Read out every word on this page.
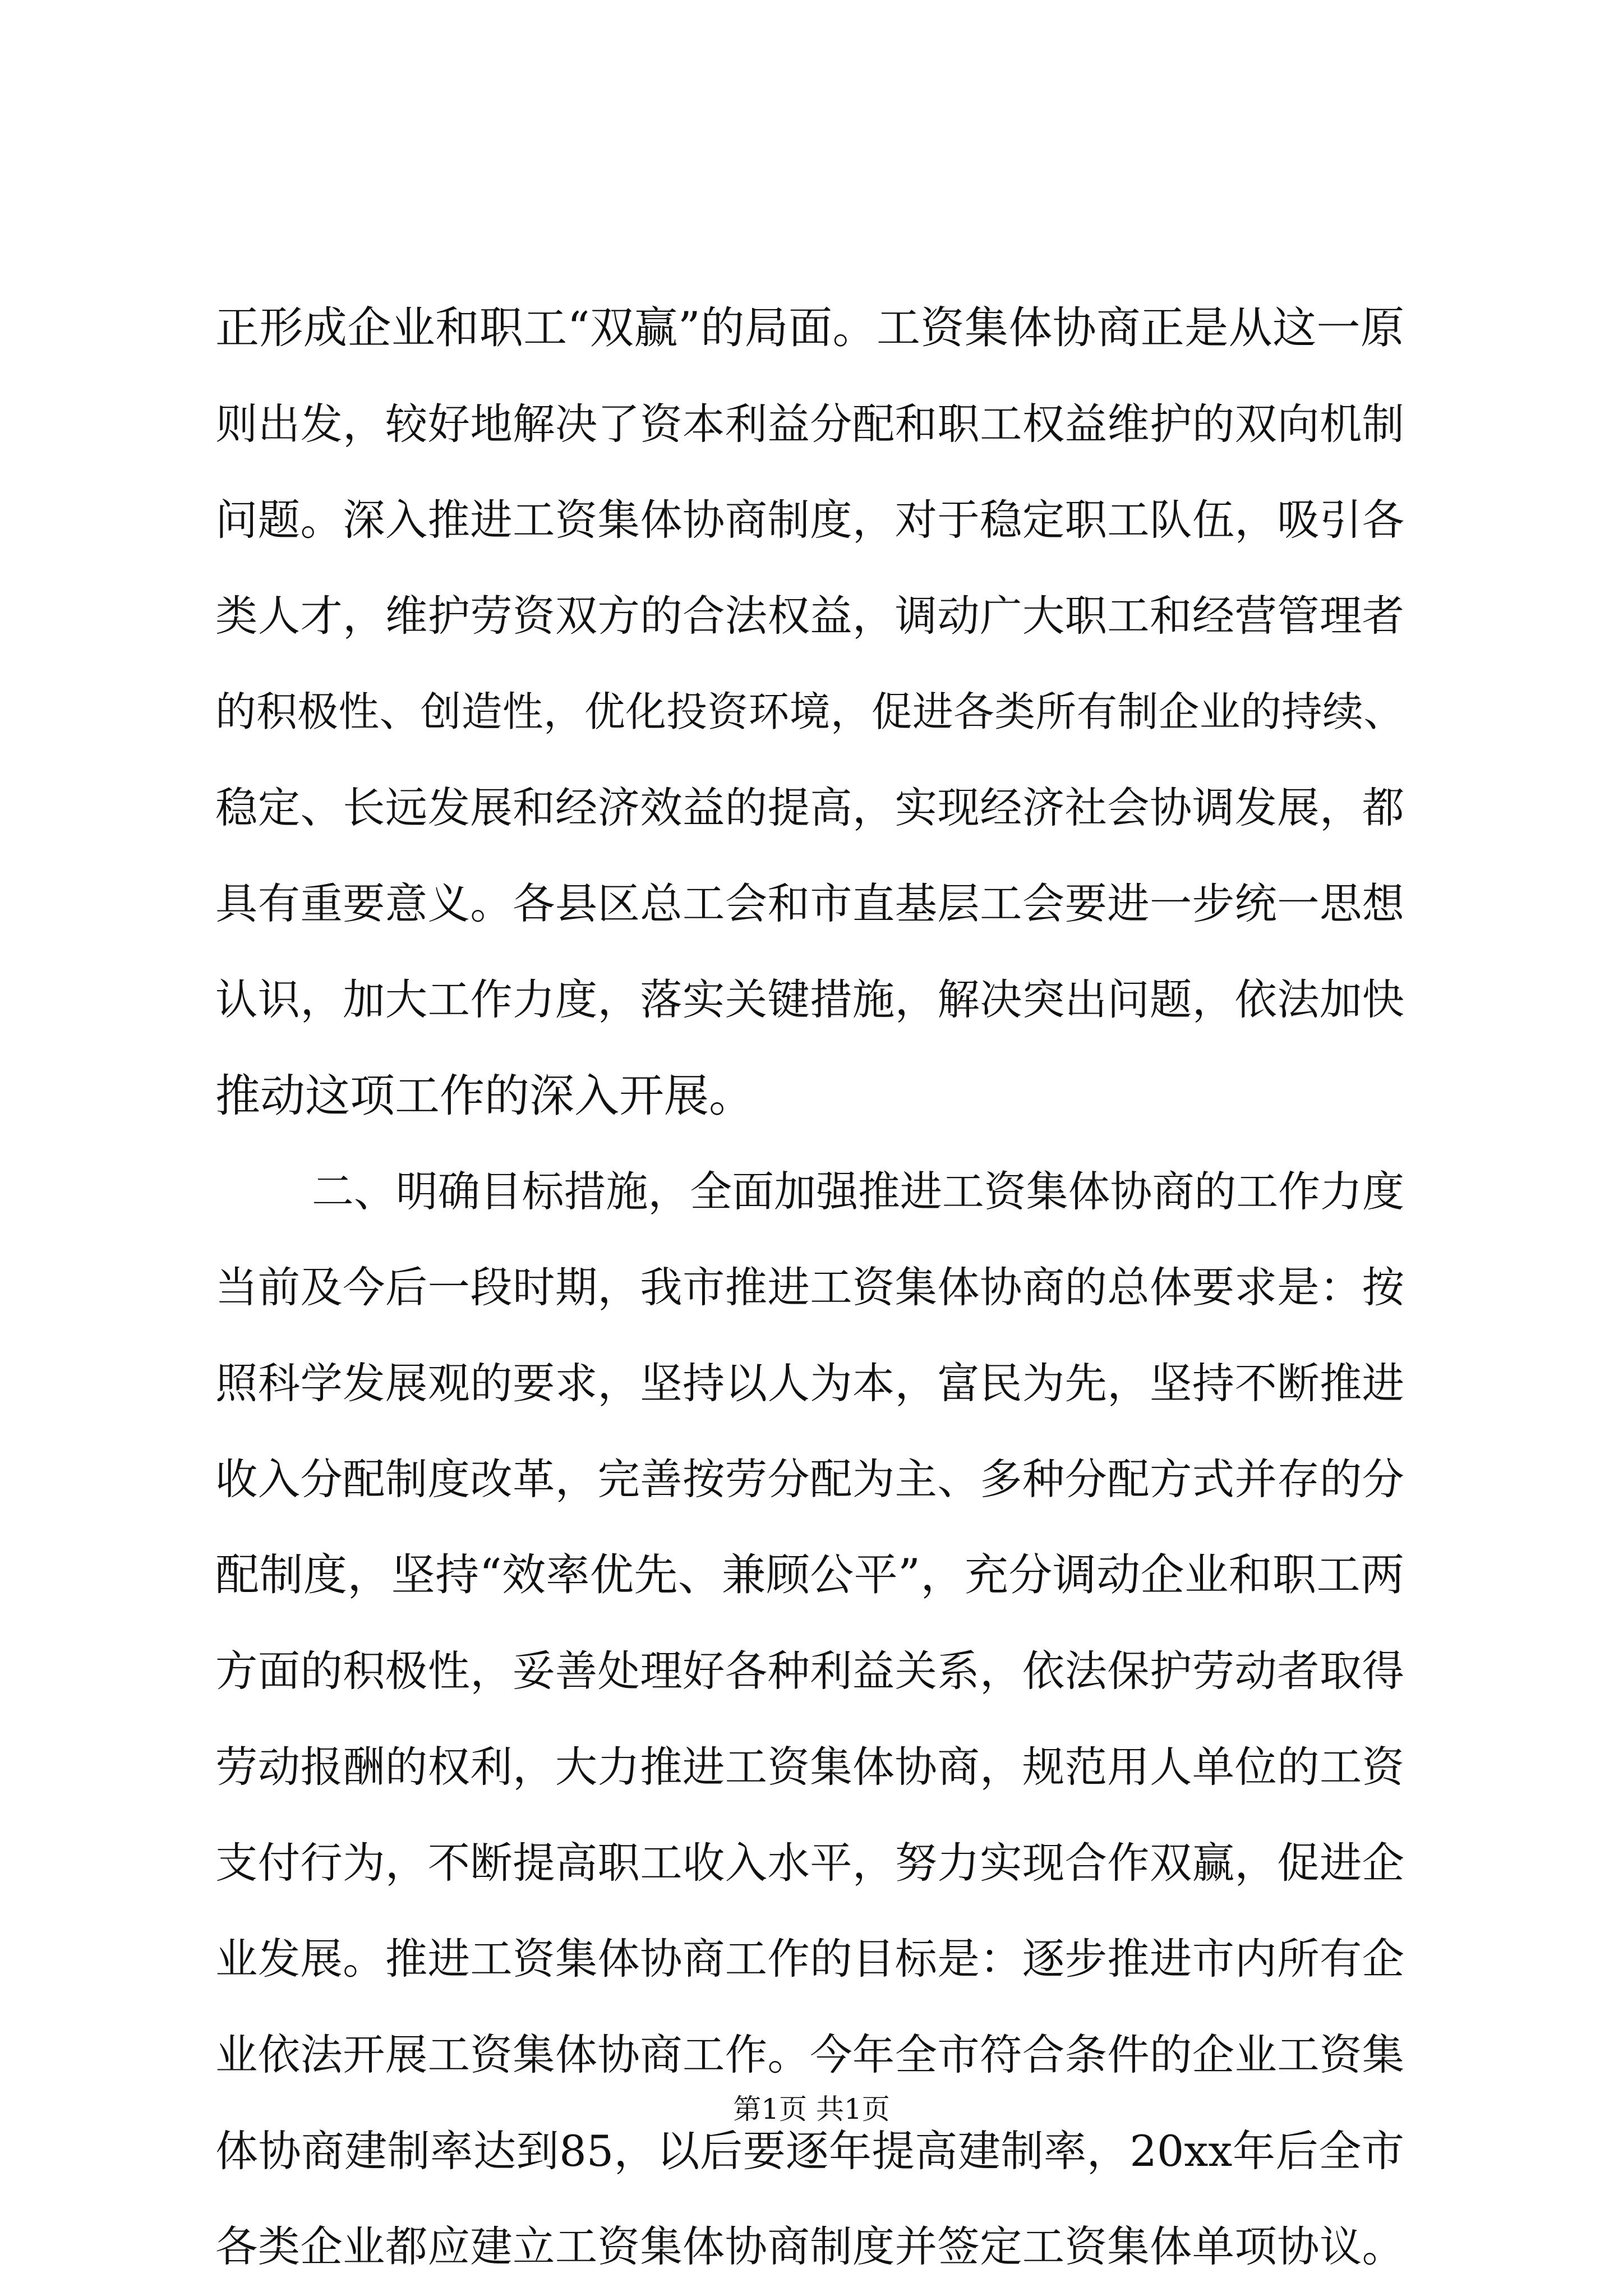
正形成企业和职工“双赢”的局面。工资集体协商正是从这一原
则出发，较好地解决了资本利益分配和职工权益维护的双向机制
问题。深入推进工资集体协商制度，对于稳定职工队伍，吸引各
类人才，维护劳资双方的合法权益，调动广大职工和经营管理者
的积极性、创造性，优化投资环境，促进各类所有制企业的持续、
稳定、长远发展和经济效益的提高，实现经济社会协调发展，都
具有重要意义。各县区总工会和市直基层工会要进一步统一思想
认识，加大工作力度，落实关键措施，解决突出问题，依法加快
推动这项工作的深入开展。
二、明确目标措施，全面加强推进工资集体协商的工作力度
当前及今后一段时期，我市推进工资集体协商的总体要求是：按
照科学发展观的要求，坚持以人为本，富民为先，坚持不断推进
收入分配制度改革，完善按劳分配为主、多种分配方式并存的分
配制度，坚持“效率优先、兼顾公平”，充分调动企业和职工两
方面的积极性，妥善处理好各种利益关系，依法保护劳动者取得
劳动报酬的权利，大力推进工资集体协商，规范用人单位的工资
支付行为，不断提高职工收入水平，努力实现合作双赢，促进企
业发展。推进工资集体协商工作的目标是：逐步推进市内所有企
业依法开展工资集体协商工作。今年全市符合条件的企业工资集
体协商建制率达到85，以后要逐年提高建制率，20xx年后全市
各类企业都应建立工资集体协商制度并签定工资集体单项协议。
第1页 共1页
